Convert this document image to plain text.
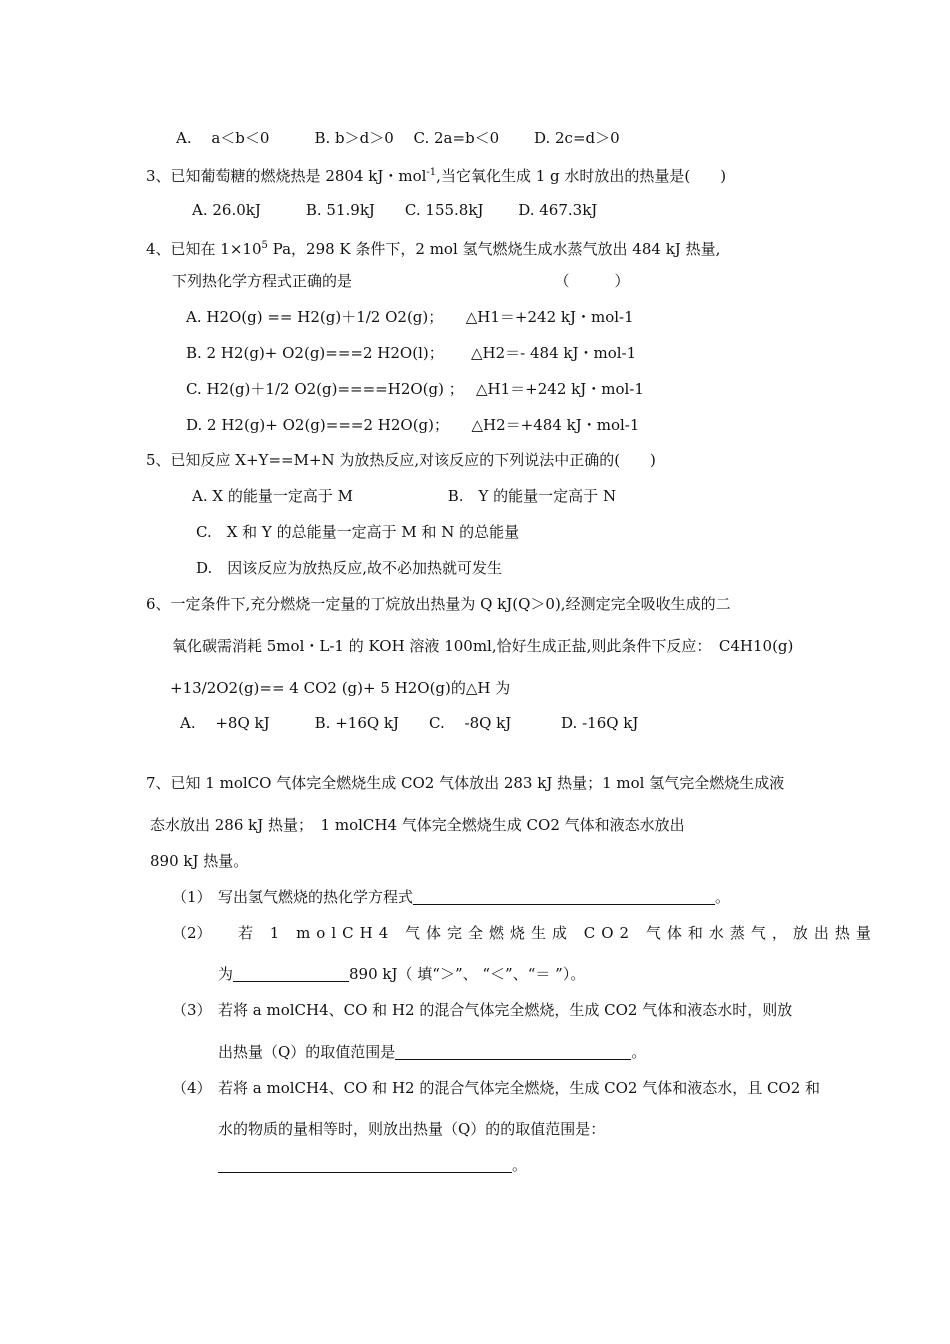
A.　 a＜b＜0　　　B. b＞d＞0　 C. 2a=b＜0　　 D. 2c=d＞0
3、已知葡萄糖的燃烧热是 2804 kJ・mol$^{-1}$,当它氧化生成 1 g 水时放出的热量是(　　)
A. 26.0kJ　　　B. 51.9kJ　　C. 155.8kJ　　 D. 467.3kJ
4、已知在 $1\times 10^5$ Pa，298 K 条件下，2 mol 氢气燃烧生成水蒸气放出 484 kJ 热量,
下列热化学方程式正确的是　　　　　　　　　　　　　　（　　　）
A. H2O(g) == H2(g)＋1/2 O2(g)；　　△H1＝+242 kJ・mol-1
B. 2 H2(g)+ O2(g)===2 H2O(l)；　　 △H2＝- 484 kJ・mol-1
C. H2(g)＋1/2 O2(g)====H2O(g) ；　 △H1＝+242 kJ・mol-1
D. 2 H2(g)+ O2(g)===2 H2O(g)；　　△H2＝+484 kJ・mol-1
5、已知反应 X+Y==M+N 为放热反应,对该反应的下列说法中正确的(　　)
A. X 的能量一定高于 M　　　　　　 B.　Y 的能量一定高于 N
C.　X 和 Y 的总能量一定高于 M 和 N 的总能量
D.　因该反应为放热反应,故不必加热就可发生
6、一定条件下,充分燃烧一定量的丁烷放出热量为 Q kJ(Q＞0),经测定完全吸收生成的二
氧化碳需消耗 5mol・L-1 的 KOH 溶液 100ml,恰好生成正盐,则此条件下反应：　C4H10(g)
+13/2O2(g)== 4 CO2 (g)+ 5 H2O(g)的△H 为
A.　 +8Q kJ　　　B. +16Q kJ　　C.　 -8Q kJ　　　 D. -16Q kJ
7、已知 1 molCO 气体完全燃烧生成 CO2 气体放出 283 kJ 热量；1 mol 氢气完全燃烧生成液
态水放出 286 kJ 热量；　1 molCH4 气体完全燃烧生成 CO2 气体和液态水放出
890 kJ 热量。
（1） 写出氢气燃烧的热化学方程式	。
（2） 若 1 molCH4 气体完全燃烧生成 CO2 气体和水蒸气，放出热量
为	890 kJ（ 填“＞”、 “＜”、“＝ ”）。
（3） 若将 a molCH4、CO 和 H2 的混合气体完全燃烧，生成 CO2 气体和液态水时，则放
出热量（Q）的取值范围是	。
（4） 若将 a molCH4、CO 和 H2 的混合气体完全燃烧，生成 CO2 气体和液态水，且 CO2 和
水的物质的量相等时，则放出热量（Q）的的取值范围是：
。
